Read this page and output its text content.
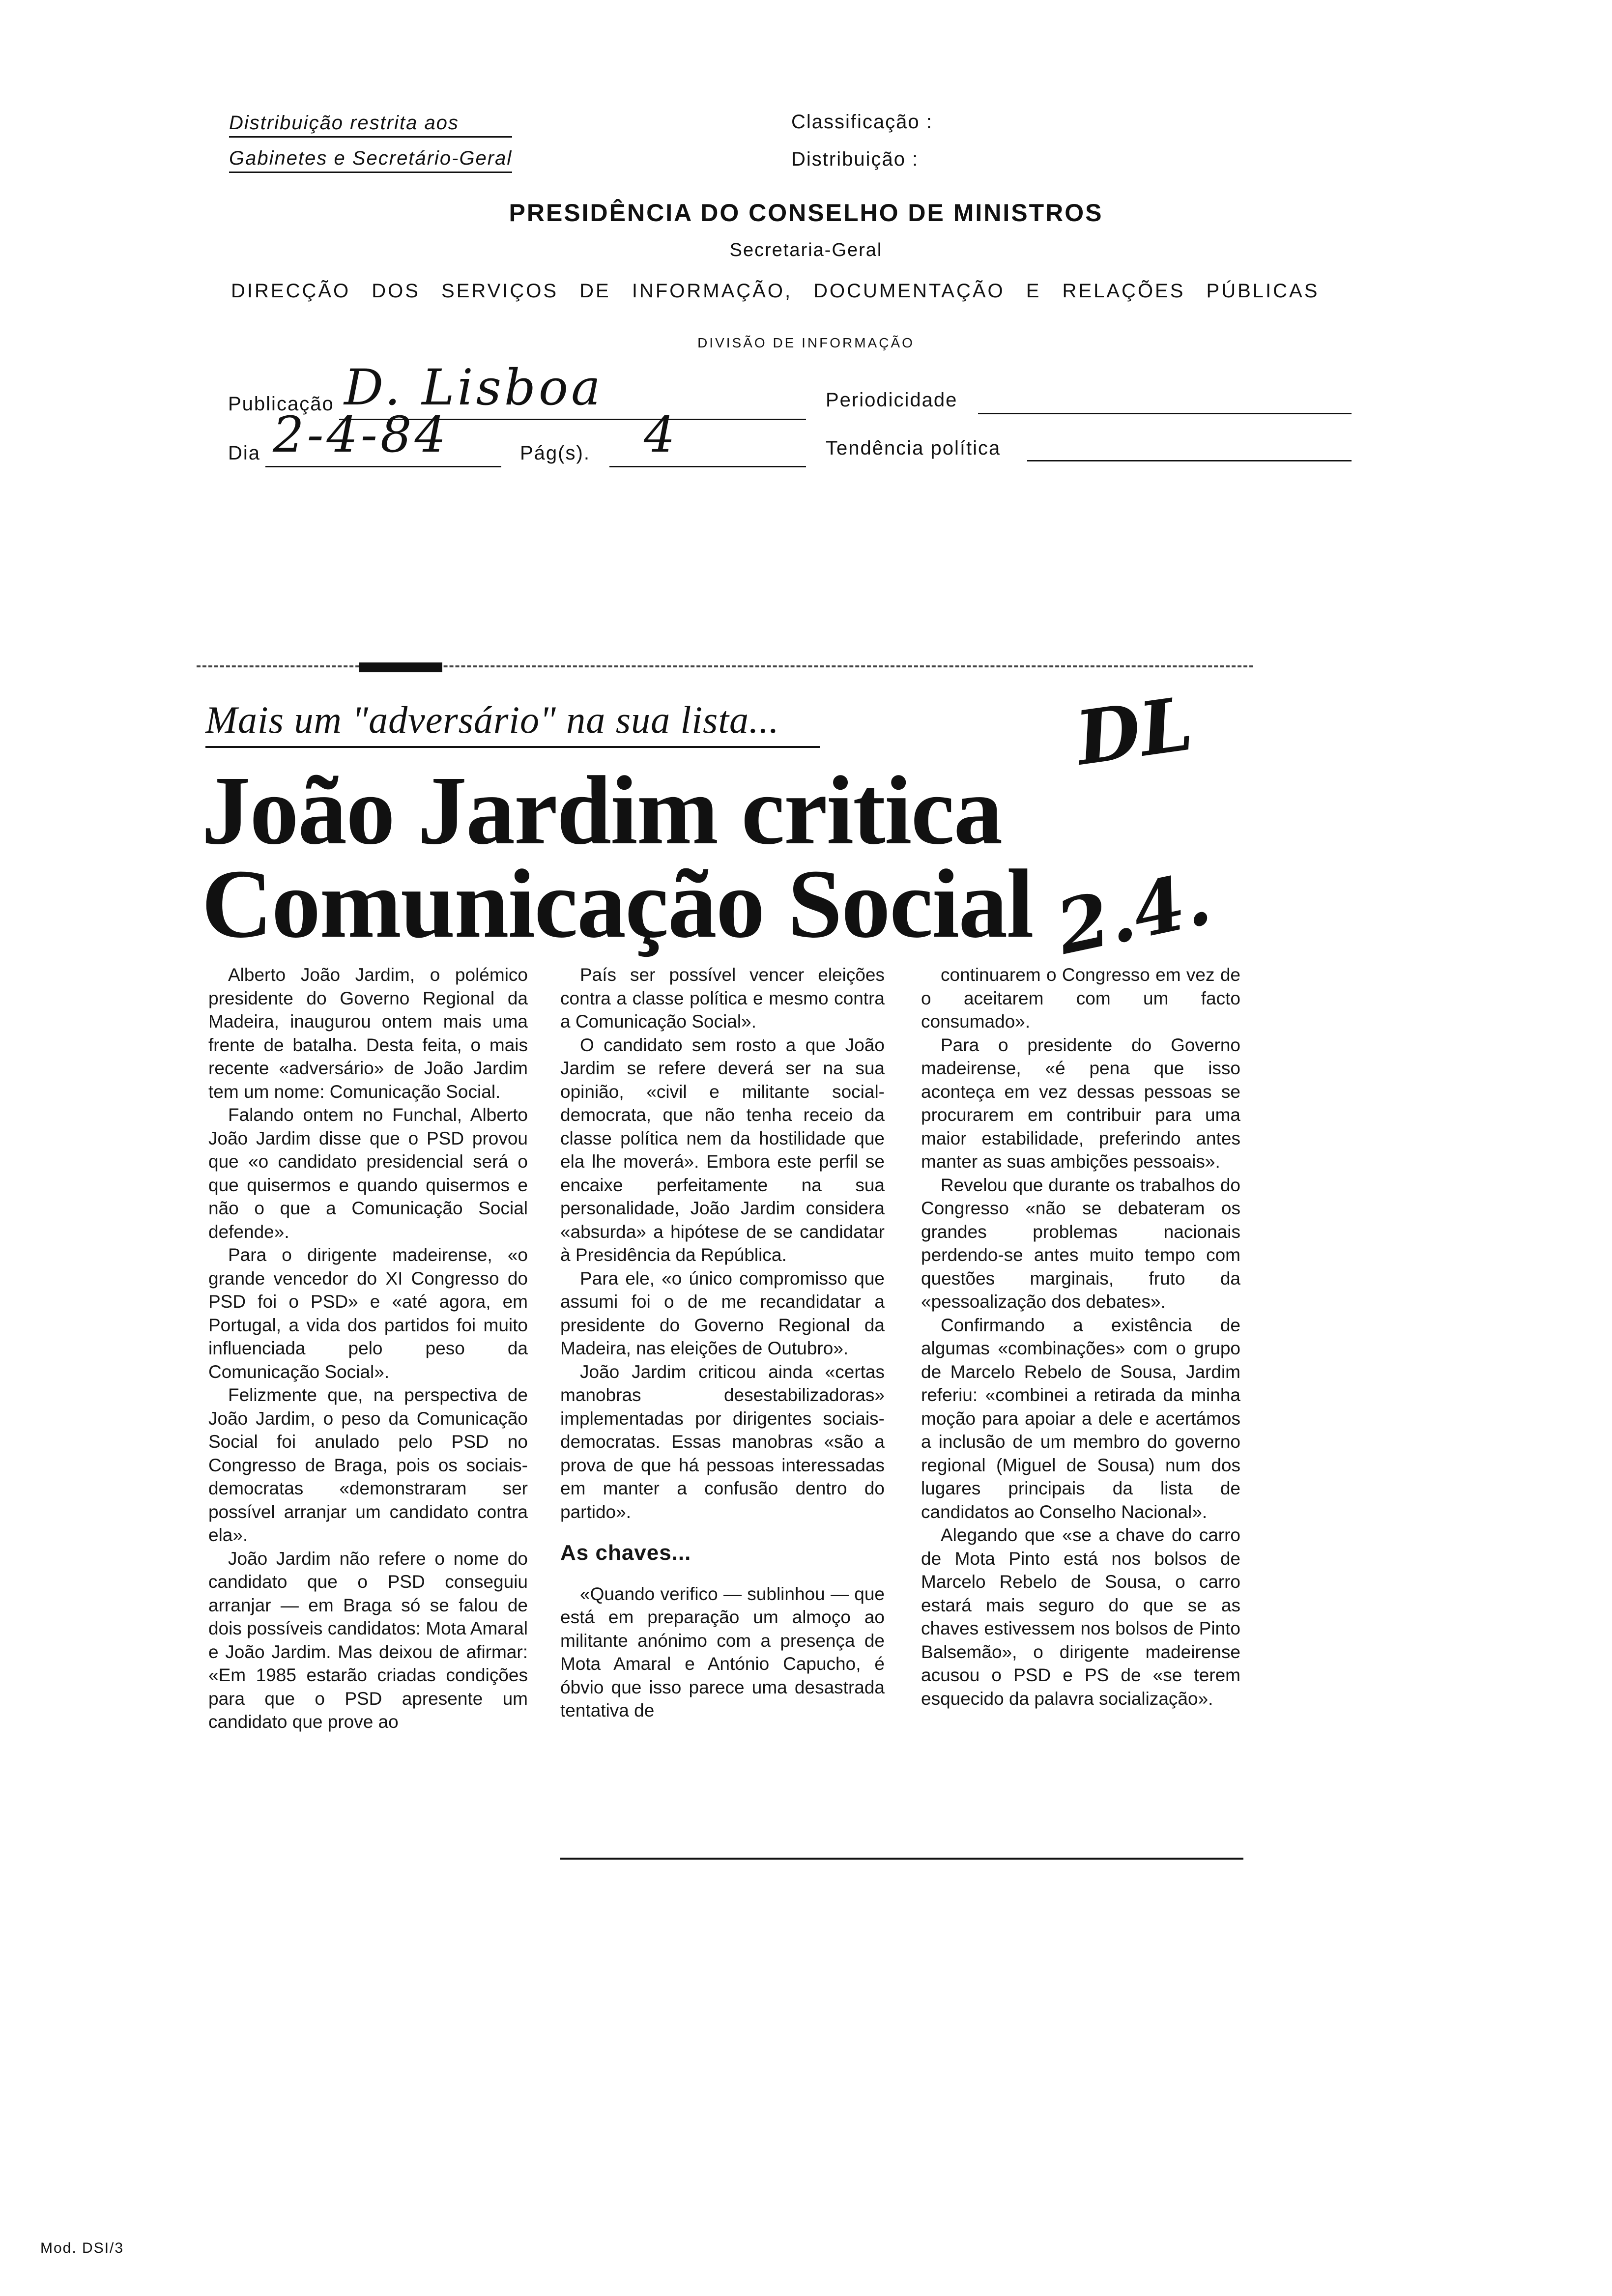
Distribuição restrita aos
Gabinetes e Secretário-Geral
Classificação :
Distribuição :
PRESIDÊNCIA DO CONSELHO DE MINISTROS
Secretaria-Geral
DIRECÇÃO DOS SERVIÇOS DE INFORMAÇÃO, DOCUMENTAÇÃO E RELAÇÕES PÚBLICAS
DIVISÃO DE INFORMAÇÃO
Publicação D. Lisboa	Periodicidade
Dia 2-4-84	Pág(s). 4	Tendência política
Mais um "adversário" na sua lista...
João Jardim critica
Comunicação Social
DL
2.4.

Alberto João Jardim, o polémico presidente do Governo Regional da Madeira, inaugurou ontem mais uma frente de batalha. Desta feita, o mais recente «adversário» de João Jardim tem um nome: Comunicação Social.

Falando ontem no Funchal, Alberto João Jardim disse que o PSD provou que «o candidato presidencial será o que quisermos e quando quisermos e não o que a Comunicação Social defende».

Para o dirigente madeirense, «o grande vencedor do XI Congresso do PSD foi o PSD» e «até agora, em Portugal, a vida dos partidos foi muito influenciada pelo peso da Comunicação Social».

Felizmente que, na perspectiva de João Jardim, o peso da Comunicação Social foi anulado pelo PSD no Congresso de Braga, pois os sociais-democratas «demonstraram ser possível arranjar um candidato contra ela».

João Jardim não refere o nome do candidato que o PSD conseguiu arranjar — em Braga só se falou de dois possíveis candidatos: Mota Amaral e João Jardim. Mas deixou de afirmar: «Em 1985 estarão criadas condições para que o PSD apresente um candidato que prove ao

País ser possível vencer eleições contra a classe política e mesmo contra a Comunicação Social».

O candidato sem rosto a que João Jardim se refere deverá ser na sua opinião, «civil e militante social-democrata, que não tenha receio da classe política nem da hostilidade que ela lhe moverá». Embora este perfil se encaixe perfeitamente na sua personalidade, João Jardim considera «absurda» a hipótese de se candidatar à Presidência da República.

Para ele, «o único compromisso que assumi foi o de me recandidatar a presidente do Governo Regional da Madeira, nas eleições de Outubro».

João Jardim criticou ainda «certas manobras desestabilizadoras» implementadas por dirigentes sociais-democratas. Essas manobras «são a prova de que há pessoas interessadas em manter a confusão dentro do partido».

As chaves...

«Quando verifico — sublinhou — que está em preparação um almoço ao militante anónimo com a presença de Mota Amaral e António Capucho, é óbvio que isso parece uma desastrada tentativa de

continuarem o Congresso em vez de o aceitarem com um facto consumado».

Para o presidente do Governo madeirense, «é pena que isso aconteça em vez dessas pessoas se procurarem em contribuir para uma maior estabilidade, preferindo antes manter as suas ambições pessoais».

Revelou que durante os trabalhos do Congresso «não se debateram os grandes problemas nacionais perdendo-se antes muito tempo com questões marginais, fruto da «pessoalização dos debates».

Confirmando a existência de algumas «combinações» com o grupo de Marcelo Rebelo de Sousa, Jardim referiu: «combinei a retirada da minha moção para apoiar a dele e acertámos a inclusão de um membro do governo regional (Miguel de Sousa) num dos lugares principais da lista de candidatos ao Conselho Nacional».

Alegando que «se a chave do carro de Mota Pinto está nos bolsos de Marcelo Rebelo de Sousa, o carro estará mais seguro do que se as chaves estivessem nos bolsos de Pinto Balsemão», o dirigente madeirense acusou o PSD e PS de «se terem esquecido da palavra socialização».

Mod. DSI/3
